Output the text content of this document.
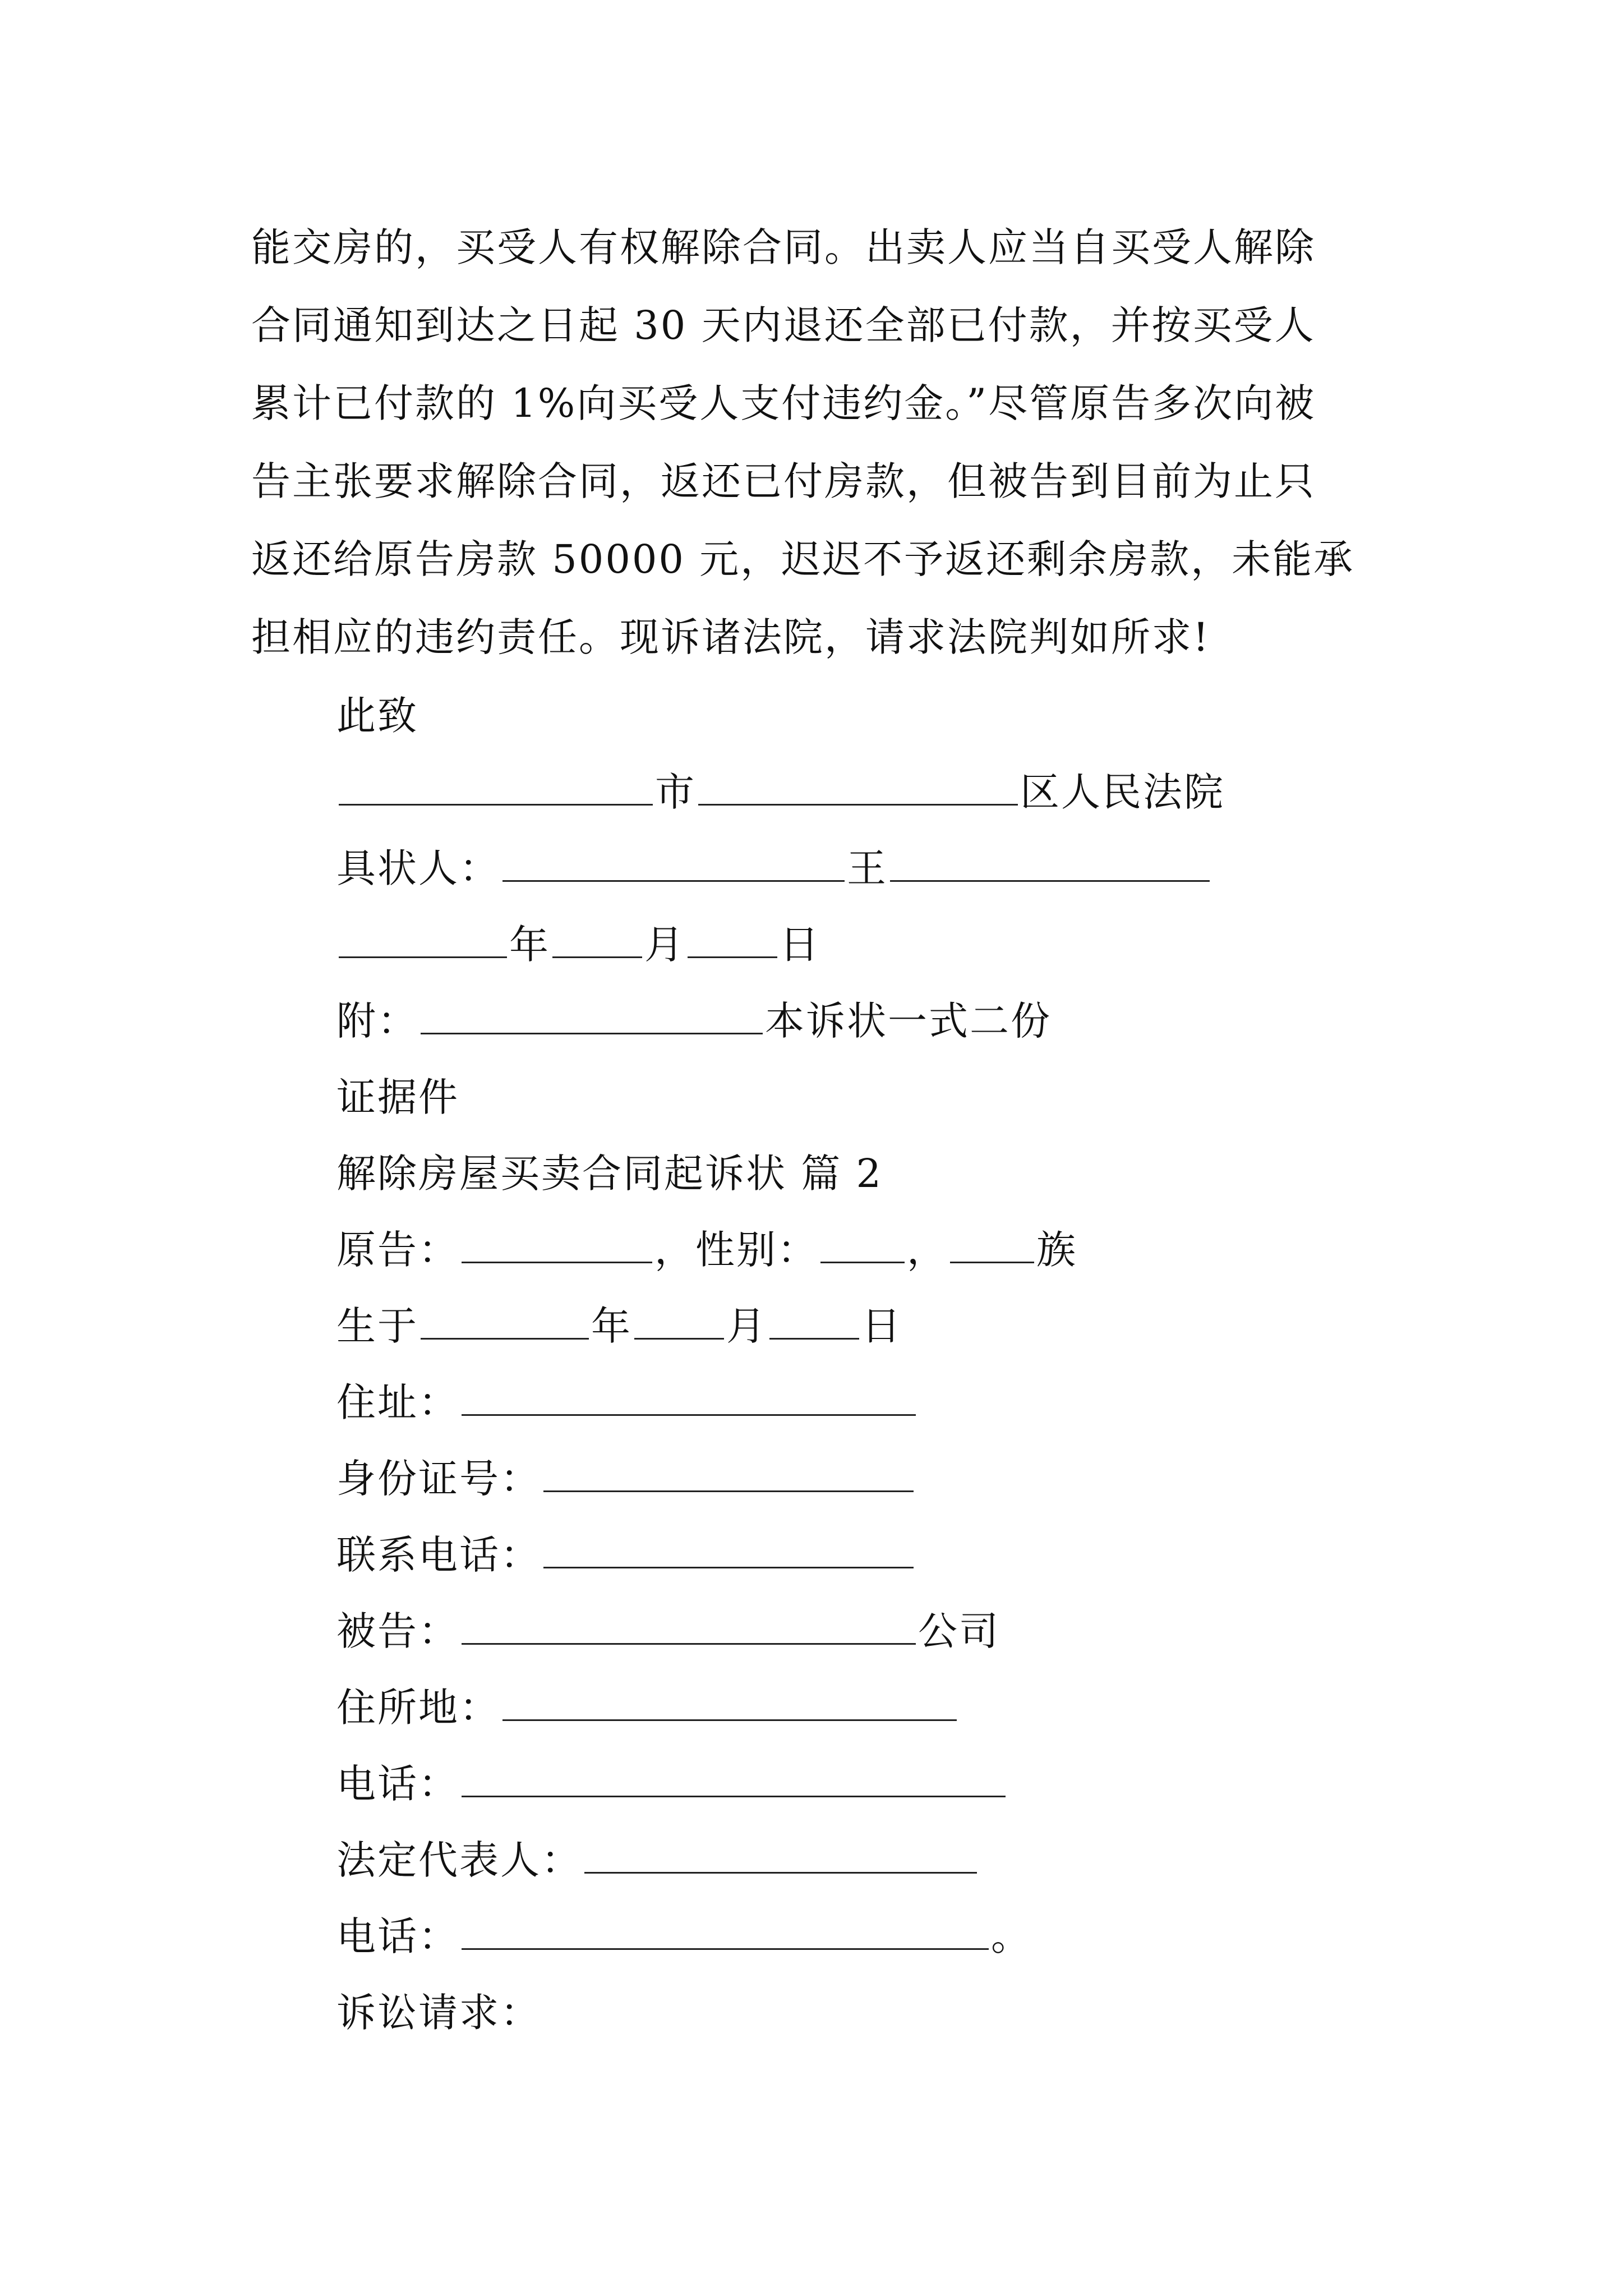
能交房的，买受人有权解除合同。出卖人应当自买受人解除
合同通知到达之日起 30 天内退还全部已付款，并按买受人
累计已付款的 1%向买受人支付违约金。”尽管原告多次向被
告主张要求解除合同，返还已付房款，但被告到目前为止只
返还给原告房款 50000 元，迟迟不予返还剩余房款，未能承
担相应的违约责任。现诉诸法院，请求法院判如所求!
此致
市	区人民法院
具状人：	王
年 月 日
附：	本诉状一式二份
证据件
解除房屋买卖合同起诉状 篇 2
原告：	，性别： ， 族
生于	年 月 日
住址：
身份证号：
联系电话：
被告：	公司
住所地：
电话：
法定代表人：
电话：	。
诉讼请求：
